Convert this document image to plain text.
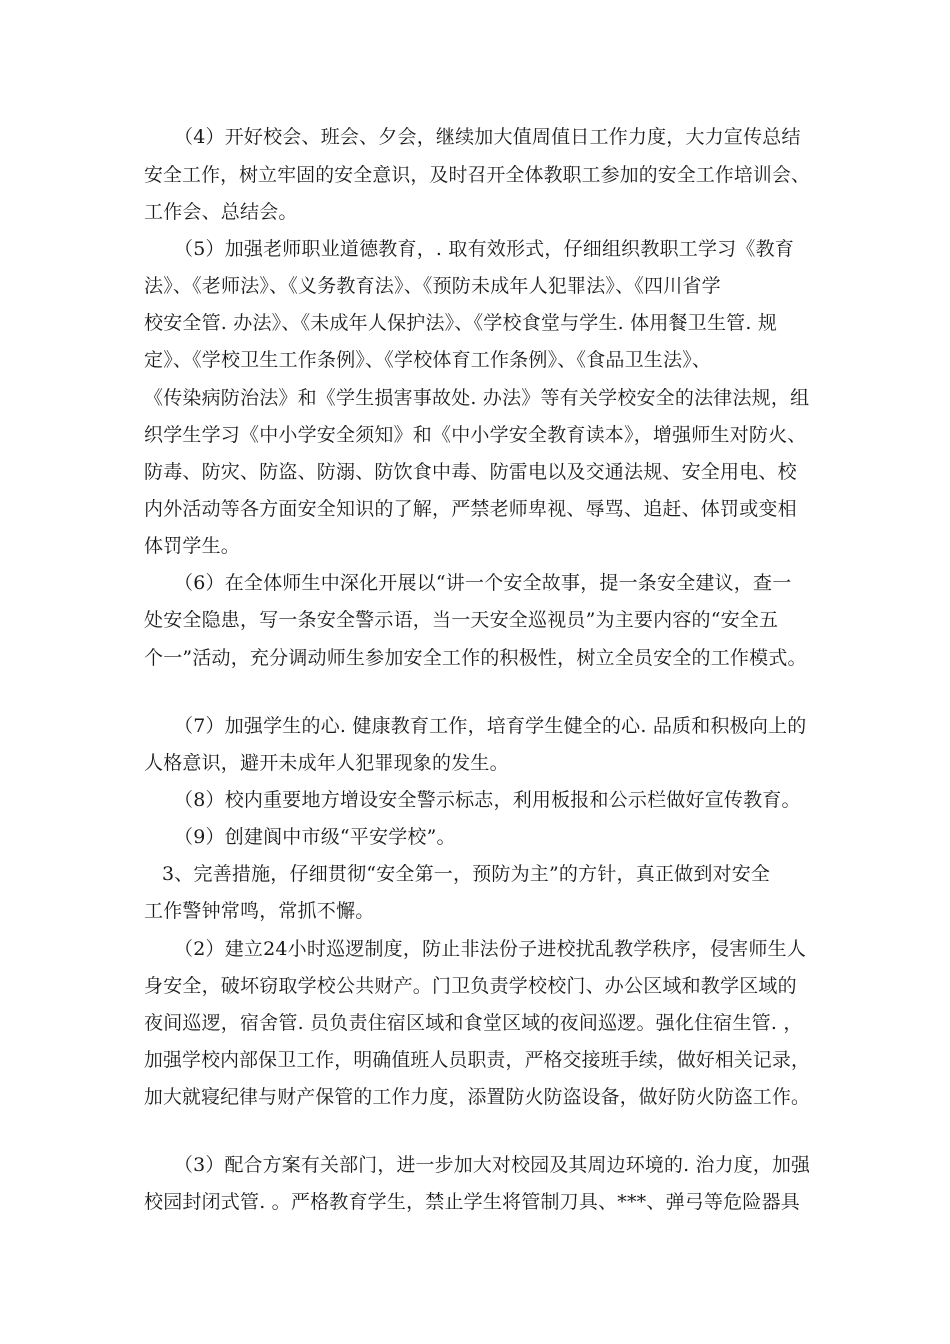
（4）开好校会、班会、夕会，继续加大值周值日工作力度，大力宣传总结
安全工作，树立牢固的安全意识，及时召开全体教职工参加的安全工作培训会、
工作会、总结会。
（5）加强老师职业道德教育，. 取有效形式，仔细组织教职工学习《教育
法》、《老师法》、《义务教育法》、《预防未成年人犯罪法》、《四川省学
校安全管. 办法》、《未成年人保护法》、《学校食堂与学生. 体用餐卫生管. 规
定》、《学校卫生工作条例》、《学校体育工作条例》、《食品卫生法》、
《传染病防治法》和《学生损害事故处. 办法》等有关学校安全的法律法规，组
织学生学习《中小学安全须知》和《中小学安全教育读本》，增强师生对防火、
防毒、防灾、防盗、防溺、防饮食中毒、防雷电以及交通法规、安全用电、校
内外活动等各方面安全知识的了解，严禁老师卑视、辱骂、追赶、体罚或变相
体罚学生。
（6）在全体师生中深化开展以“讲一个安全故事，提一条安全建议，查一
处安全隐患，写一条安全警示语，当一天安全巡视员”为主要内容的“安全五
个一”活动，充分调动师生参加安全工作的积极性，树立全员安全的工作模式。
（7）加强学生的心. 健康教育工作，培育学生健全的心. 品质和积极向上的
人格意识，避开未成年人犯罪现象的发生。
（8）校内重要地方增设安全警示标志，利用板报和公示栏做好宣传教育。
（9）创建阆中市级“平安学校”。
3、完善措施，仔细贯彻“安全第一，预防为主”的方针，真正做到对安全
工作警钟常鸣，常抓不懈。
（2）建立24小时巡逻制度，防止非法份子进校扰乱教学秩序，侵害师生人
身安全，破坏窃取学校公共财产。门卫负责学校校门、办公区域和教学区域的
夜间巡逻，宿舍管. 员负责住宿区域和食堂区域的夜间巡逻。强化住宿生管. ，
加强学校内部保卫工作，明确值班人员职责，严格交接班手续，做好相关记录，
加大就寝纪律与财产保管的工作力度，添置防火防盗设备，做好防火防盗工作。
（3）配合方案有关部门，进一步加大对校园及其周边环境的. 治力度，加强
校园封闭式管. 。严格教育学生，禁止学生将管制刀具、***、弹弓等危险器具
